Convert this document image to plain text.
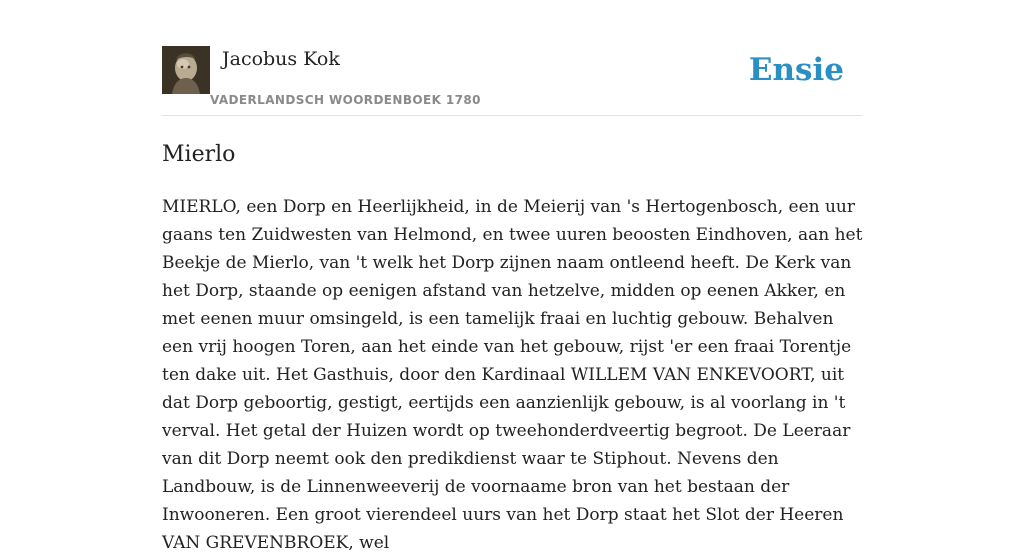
Jacobus Kok
VADERLANDSCH WOORDENBOEK 1780
Ensie
Mierlo

MIERLO, een Dorp en Heerlijkheid, in de Meierij van 's Hertogenbosch, een uur gaans ten Zuidwesten van Helmond, en twee uuren beoosten Eindhoven, aan het Beekje de Mierlo, van 't welk het Dorp zijnen naam ontleend heeft. De Kerk van het Dorp, staande op eenigen afstand van hetzelve, midden op eenen Akker, en met eenen muur omsingeld, is een tamelijk fraai en luchtig gebouw. Behalven een vrij hoogen Toren, aan het einde van het gebouw, rijst 'er een fraai Torentje ten dake uit. Het Gasthuis, door den Kardinaal WILLEM VAN ENKEVOORT, uit dat Dorp geboortig, gestigt, eertijds een aanzienlijk gebouw, is al voorlang in 't verval. Het getal der Huizen wordt op tweehonderdveertig begroot. De Leeraar van dit Dorp neemt ook den predikdienst waar te Stiphout. Nevens den Landbouw, is de Linnenweeverij de voornaame bron van het bestaan der Inwooneren. Een groot vierendeel uurs van het Dorp staat het Slot der Heeren VAN GREVENBROEK, wel
